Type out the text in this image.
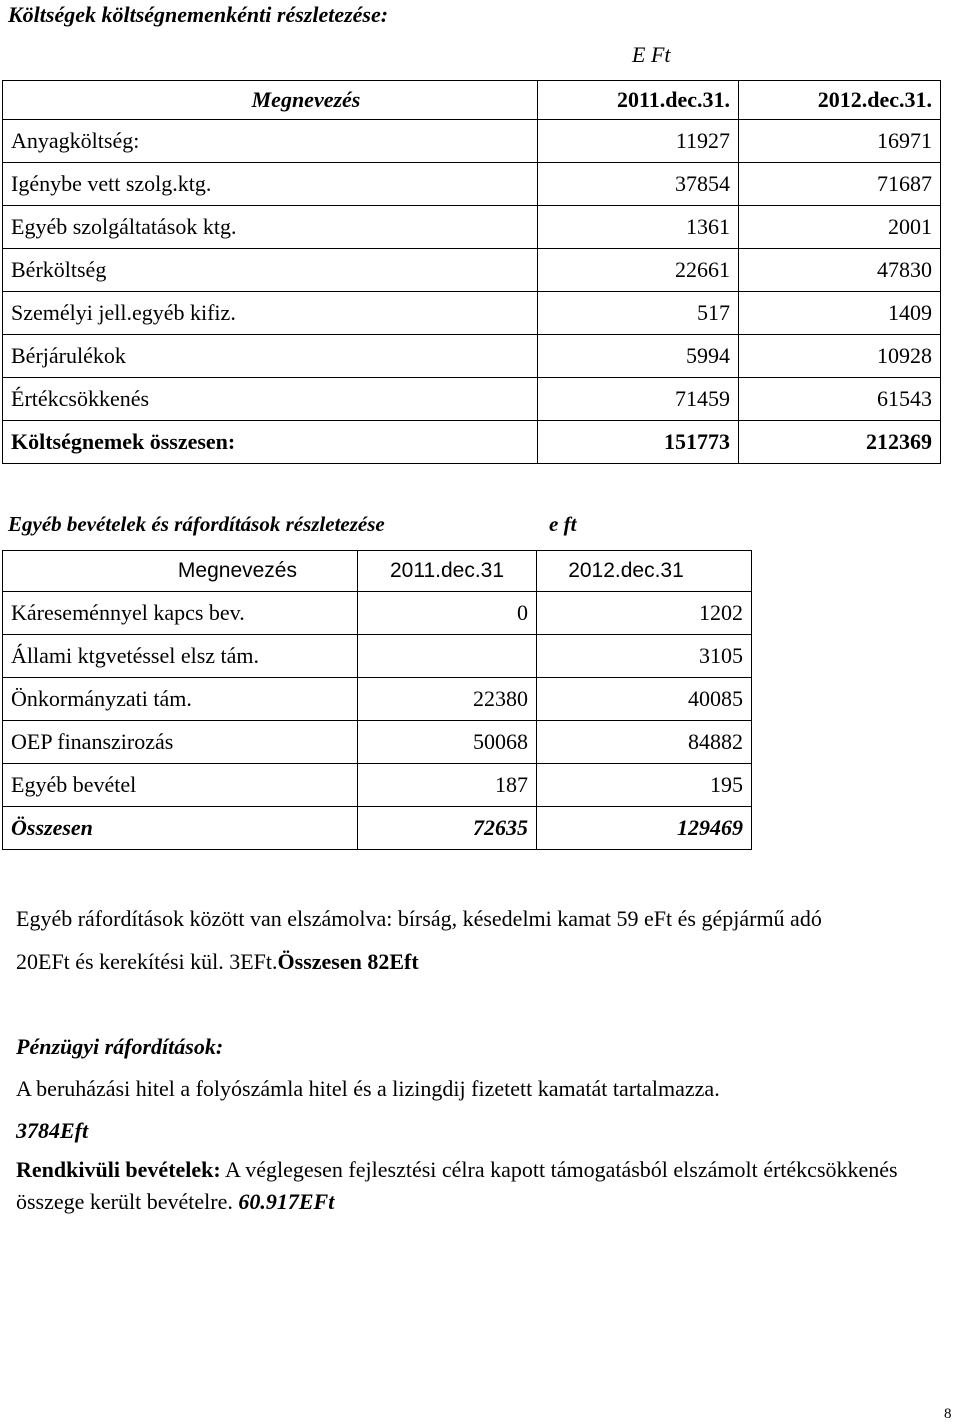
Költségek költségnemenkénti részletezése:
E Ft
Megnevezés	2011.dec.31.	2012.dec.31.
Anyagköltség:	11927	16971
Igénybe vett szolg.ktg.	37854	71687
Egyéb szolgáltatások ktg.	1361	2001
Bérköltség	22661	47830
Személyi jell.egyéb kifiz.	517	1409
Bérjárulékok	5994	10928
Értékcsökkenés	71459	61543
Költségnemek összesen:	151773	212369
Egyéb bevételek és ráfordítások részletezése	e ft
Megnevezés	2011.dec.31	2012.dec.31
Káreseménnyel kapcs bev.	0	1202
Állami ktgvetéssel elsz tám.		3105
Önkormányzati tám.	22380	40085
OEP finanszirozás	50068	84882
Egyéb bevétel	187	195
Összesen	72635	129469
Egyéb ráfordítások között van elszámolva: bírság, késedelmi kamat 59 eFt és gépjármű adó
20EFt és kerekítési kül. 3EFt.Összesen 82Eft
Pénzügyi ráfordítások:
A beruházási hitel a folyószámla hitel és a lizingdij fizetett kamatát tartalmazza.
3784Eft
Rendkivüli bevételek: A véglegesen fejlesztési célra kapott támogatásból elszámolt értékcsökkenés összege került bevételre. 60.917EFt
8
